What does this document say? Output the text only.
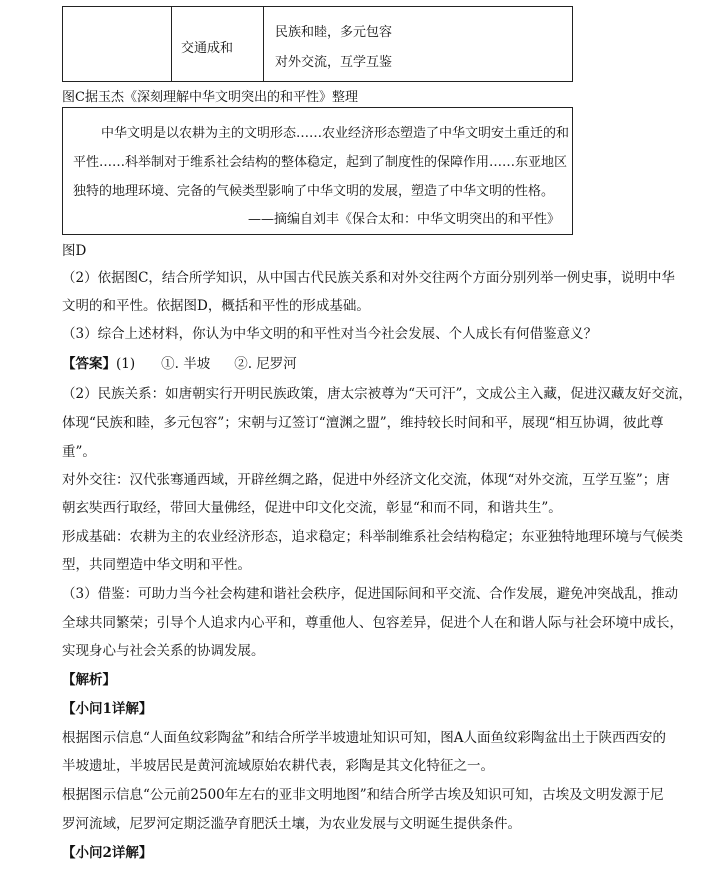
交通成和
民族和睦，多元包容
对外交流，互学互鉴
图C据玉杰《深刻理解中华文明突出的和平性》整理
中华文明是以农耕为主的文明形态……农业经济形态塑造了中华文明安土重迁的和
平性……科举制对于维系社会结构的整体稳定，起到了制度性的保障作用……东亚地区
独特的地理环境、完备的气候类型影响了中华文明的发展，塑造了中华文明的性格。
——摘编自刘丰《保合太和：中华文明突出的和平性》
图D
（2）依据图C，结合所学知识，从中国古代民族关系和对外交往两个方面分别列举一例史事，说明中华
文明的和平性。依据图D，概括和平性的形成基础。
（3）综合上述材料，你认为中华文明的和平性对当今社会发展、个人成长有何借鉴意义？
【答案】(1) ①. 半坡 ②. 尼罗河
（2）民族关系：如唐朝实行开明民族政策，唐太宗被尊为“天可汗”，文成公主入藏，促进汉藏友好交流，
体现“民族和睦，多元包容”；宋朝与辽签订“澶渊之盟”，维持较长时间和平，展现“相互协调，彼此尊
重”。
对外交往：汉代张骞通西域，开辟丝绸之路，促进中外经济文化交流，体现“对外交流，互学互鉴”；唐
朝玄奘西行取经，带回大量佛经，促进中印文化交流，彰显“和而不同，和谐共生”。
形成基础：农耕为主的农业经济形态，追求稳定；科举制维系社会结构稳定；东亚独特地理环境与气候类
型，共同塑造中华文明和平性。
（3）借鉴：可助力当今社会构建和谐社会秩序，促进国际间和平交流、合作发展，避免冲突战乱，推动
全球共同繁荣；引导个人追求内心平和，尊重他人、包容差异，促进个人在和谐人际与社会环境中成长，
实现身心与社会关系的协调发展。
【解析】
【小问1详解】
根据图示信息“人面鱼纹彩陶盆”和结合所学半坡遗址知识可知，图A人面鱼纹彩陶盆出土于陕西西安的
半坡遗址，半坡居民是黄河流域原始农耕代表，彩陶是其文化特征之一。
根据图示信息“公元前2500年左右的亚非文明地图”和结合所学古埃及知识可知，古埃及文明发源于尼
罗河流域，尼罗河定期泛滥孕育肥沃土壤，为农业发展与文明诞生提供条件。
【小问2详解】
